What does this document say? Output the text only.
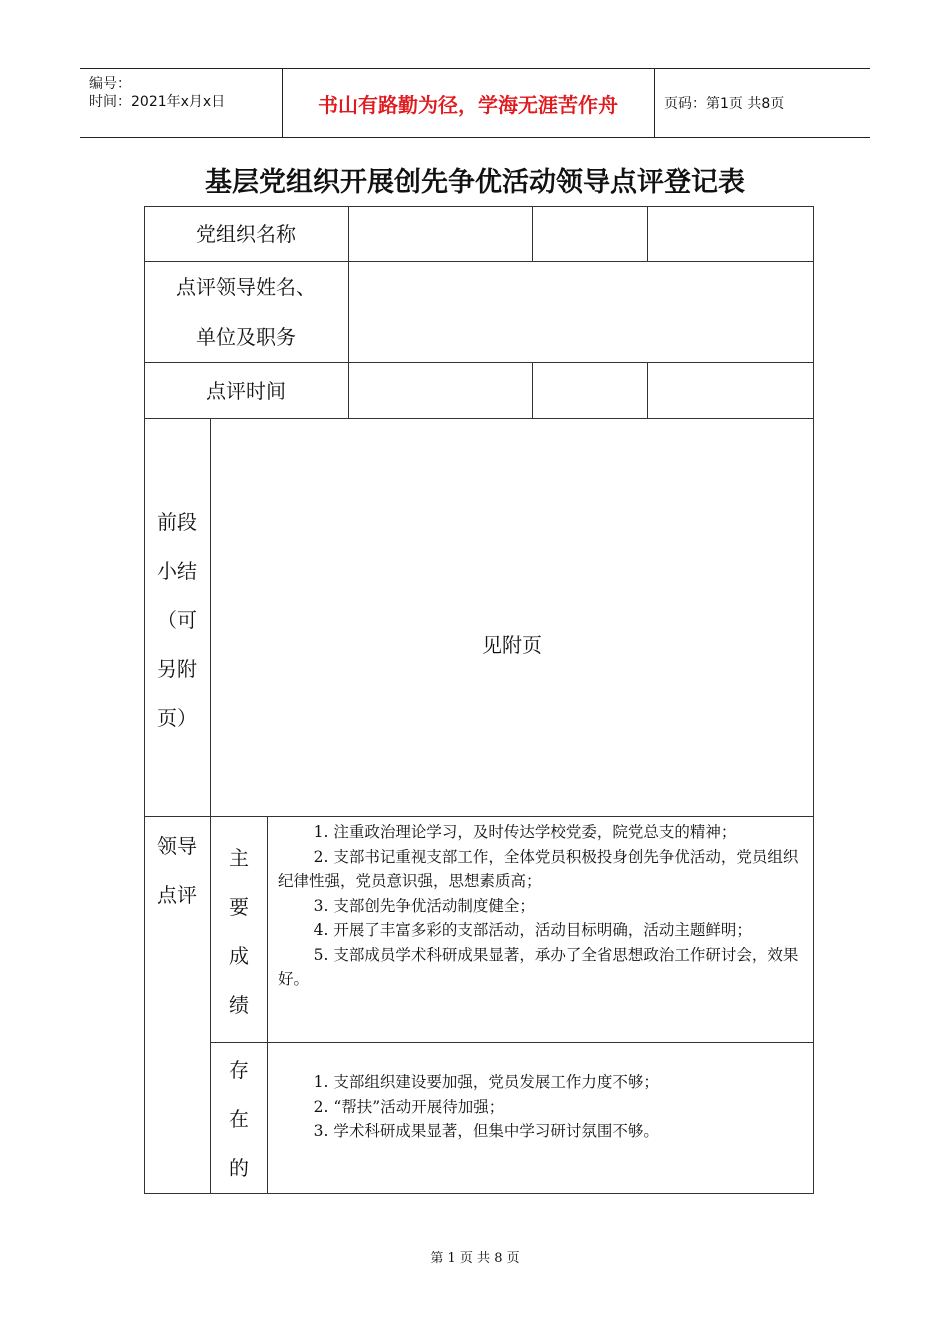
编号：
时间：2021年x月x日	书山有路勤为径，学海无涯苦作舟	页码：第1页 共8页
基层党组织开展创先争优活动领导点评登记表
党组织名称
点评领导姓名、
单位及职务
点评时间
前段
小结
（可
另附
页）
见附页
领导
点评
主
要
成
绩

1. 注重政治理论学习，及时传达学校党委，院党总支的精神；

2. 支部书记重视支部工作，全体党员积极投身创先争优活动，党员组织纪律性强，党员意识强，思想素质高；

3. 支部创先争优活动制度健全；

4. 开展了丰富多彩的支部活动，活动目标明确，活动主题鲜明；

5. 支部成员学术科研成果显著，承办了全省思想政治工作研讨会，效果好。

存
在
的

1. 支部组织建设要加强，党员发展工作力度不够；

2. “帮扶”活动开展待加强；

3. 学术科研成果显著，但集中学习研讨氛围不够。

第 1 页 共 8 页
